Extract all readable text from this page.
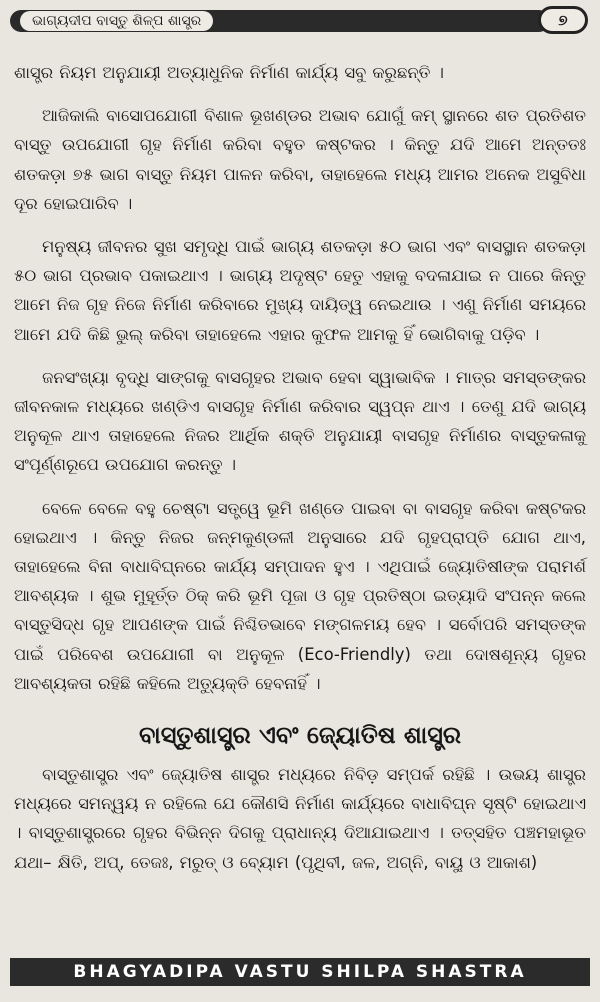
ଭାଗ୍ୟଦୀପ ବାସ୍ତୁ ଶିଳ୍ପ ଶାସ୍ତ୍ର	୭

ଶାସ୍ତ୍ର ନିୟମ ଅନୁଯାୟୀ ଅତ୍ୟାଧୁନିକ ନିର୍ମାଣ କାର୍ଯ୍ୟ ସବୁ କରୁଛନ୍ତି ।

ଆଜିକାଲି ବାସୋପଯୋଗୀ ବିଶାଳ ଭୂଖଣ୍ଡର ଅଭାବ ଯୋଗୁଁ କମ୍ ସ୍ଥାନରେ ଶତ ପ୍ରତିଶତ ବାସ୍ତୁ ଉପଯୋଗୀ ଗୃହ ନିର୍ମାଣ କରିବା ବହୁତ କଷ୍ଟକର । କିନ୍ତୁ ଯଦି ଆମେ ଅନ୍ତତଃ ଶତକଡ଼ା ୭୫ ଭାଗ ବାସ୍ତୁ ନିୟମ ପାଳନ କରିବା, ତାହାହେଲେ ମଧ୍ୟ ଆମର ଅନେକ ଅସୁବିଧା ଦୂର ହୋଇପାରିବ ।

ମନୁଷ୍ୟ ଜୀବନର ସୁଖ ସମୃଦ୍ଧି ପାଇଁ ଭାଗ୍ୟ ଶତକଡ଼ା ୫୦ ଭାଗ ଏବଂ ବାସସ୍ଥାନ ଶତକଡ଼ା ୫୦ ଭାଗ ପ୍ରଭାବ ପକାଇଥାଏ । ଭାଗ୍ୟ ଅଦୃଷ୍ଟ ହେତୁ ଏହାକୁ ବଦଳାଯାଇ ନ ପାରେ କିନ୍ତୁ ଆମେ ନିଜ ଗୃହ ନିଜେ ନିର୍ମାଣ କରିବାରେ ମୁଖ୍ୟ ଦାୟିତ୍ୱ ନେଇଥାଉ । ଏଣୁ ନିର୍ମାଣ ସମୟରେ ଆମେ ଯଦି କିଛି ଭୁଲ୍ କରିବା ତାହାହେଲେ ଏହାର କୁଫଳ ଆମକୁ ହିଁ ଭୋଗିବାକୁ ପଡ଼ିବ ।

ଜନସଂଖ୍ୟା ବୃଦ୍ଧି ସାଙ୍ଗକୁ ବାସଗୃହର ଅଭାବ ହେବା ସ୍ୱାଭାବିକ । ମାତ୍ର ସମସ୍ତଙ୍କର ଜୀବନକାଳ ମଧ୍ୟରେ ଖଣ୍ଡିଏ ବାସଗୃହ ନିର୍ମାଣ କରିବାର ସ୍ୱପ୍ନ ଥାଏ । ତେଣୁ ଯଦି ଭାଗ୍ୟ ଅନୁକୂଳ ଥାଏ ତାହାହେଲେ ନିଜର ଆର୍ଥିକ ଶକ୍ତି ଅନୁଯାୟୀ ବାସଗୃହ ନିର୍ମାଣର ବାସ୍ତୁକଳାକୁ ସଂପୂର୍ଣ୍ଣରୂପେ ଉପଯୋଗ କରନ୍ତୁ ।

ବେଳେ ବେଳେ ବହୁ ଚେଷ୍ଟା ସତ୍ତ୍ୱେ ଭୂମି ଖଣ୍ଡେ ପାଇବା ବା ବାସଗୃହ କରିବା କଷ୍ଟକର ହୋଇଥାଏ । କିନ୍ତୁ ନିଜର ଜନ୍ମକୁଣ୍ଡଳୀ ଅନୁସାରେ ଯଦି ଗୃହପ୍ରାପ୍ତି ଯୋଗ ଥାଏ, ତାହାହେଲେ ବିନା ବାଧାବିଘ୍ନରେ କାର୍ଯ୍ୟ ସମ୍ପାଦନ ହୁଏ । ଏଥିପାଇଁ ଜ୍ୟୋତିଷୀଙ୍କ ପରାମର୍ଶ ଆବଶ୍ୟକ । ଶୁଭ ମୁହୂର୍ତ୍ତ ଠିକ୍ କରି ଭୂମି ପୂଜା ଓ ଗୃହ ପ୍ରତିଷ୍ଠା ଇତ୍ୟାଦି ସଂପନ୍ନ କଲେ ବାସ୍ତୁସିଦ୍ଧ ଗୃହ ଆପଣଙ୍କ ପାଇଁ ନିଶ୍ଚିତଭାବେ ମଙ୍ଗଳମୟ ହେବ । ସର୍ବୋପରି ସମସ୍ତଙ୍କ ପାଇଁ ପରିବେଶ ଉପଯୋଗୀ ବା ଅନୁକୂଳ (Eco-Friendly) ତଥା ଦୋଷଶୂନ୍ୟ ଗୃହର ଆବଶ୍ୟକତା ରହିଛି କହିଲେ ଅତ୍ୟୁକ୍ତି ହେବନାହିଁ ।

ବାସ୍ତୁଶାସ୍ତ୍ର ଏବଂ ଜ୍ୟୋତିଷ ଶାସ୍ତ୍ର

ବାସ୍ତୁଶାସ୍ତ୍ର ଏବଂ ଜ୍ୟୋତିଷ ଶାସ୍ତ୍ର ମଧ୍ୟରେ ନିବିଡ଼ ସମ୍ପର୍କ ରହିଛି । ଉଭୟ ଶାସ୍ତ୍ର ମଧ୍ୟରେ ସମନ୍ୱୟ ନ ରହିଲେ ଯେ କୌଣସି ନିର୍ମାଣ କାର୍ଯ୍ୟରେ ବାଧାବିଘ୍ନ ସୃଷ୍ଟି ହୋଇଥାଏ । ବାସ୍ତୁଶାସ୍ତ୍ରରେ ଗୃହର ବିଭିନ୍ନ ଦିଗକୁ ପ୍ରାଧାନ୍ୟ ଦିଆଯାଇଥାଏ । ତତ୍ସହିତ ପଞ୍ଚମହାଭୂତ ଯଥା– କ୍ଷିତି, ଅପ୍, ତେଜଃ, ମରୁତ୍ ଓ ବ୍ୟୋମ (ପୃଥିବୀ, ଜଳ, ଅଗ୍ନି, ବାୟୁ ଓ ଆକାଶ)

BHAGYADIPA VASTU SHILPA SHASTRA
